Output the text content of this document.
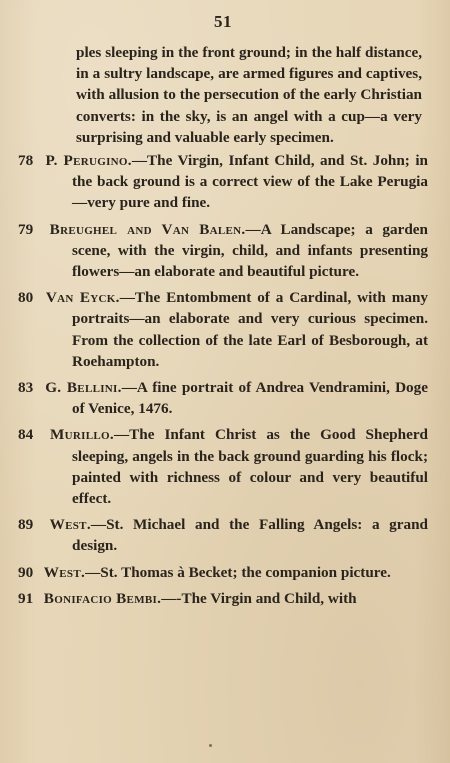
51
ples sleeping in the front ground; in the half distance, in a sultry landscape, are armed figures and captives, with allusion to the persecution of the early Christian converts: in the sky, is an angel with a cup—a very surprising and valuable early specimen.
78 P. Perugino.—The Virgin, Infant Child, and St. John; in the back ground is a correct view of the Lake Perugia—very pure and fine.
79 Breughel and Van Balen.—A Landscape; a garden scene, with the virgin, child, and infants presenting flowers—an elaborate and beautiful picture.
80 Van Eyck.—The Entombment of a Cardinal, with many portraits—an elaborate and very curious specimen. From the collection of the late Earl of Besborough, at Roehampton.
83 G. Bellini.—A fine portrait of Andrea Vendramini, Doge of Venice, 1476.
84 Murillo.—The Infant Christ as the Good Shepherd sleeping, angels in the back ground guarding his flock; painted with richness of colour and very beautiful effect.
89 West.—St. Michael and the Falling Angels: a grand design.
90 West.—St. Thomas à Becket; the companion picture.
91 Bonifacio Bembi.—-The Virgin and Child, with
